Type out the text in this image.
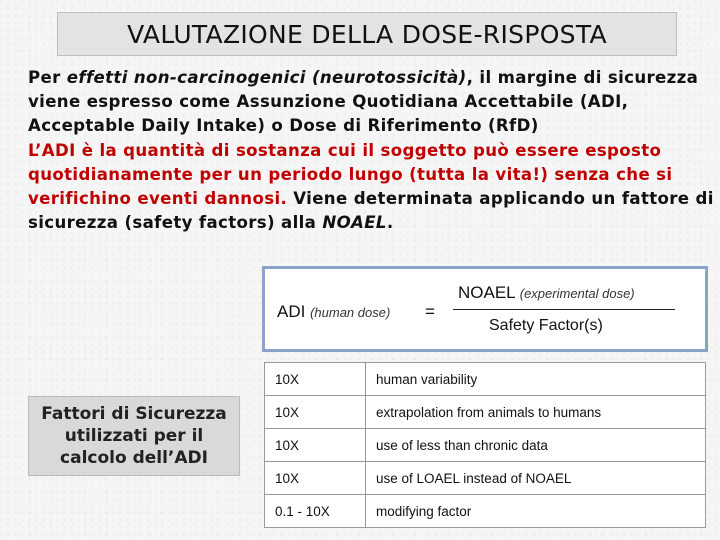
VALUTAZIONE DELLA DOSE-RISPOSTA
Per effetti non-carcinogenici (neurotossicità), il margine di sicurezza viene espresso come Assunzione Quotidiana Accettabile (ADI, Acceptable Daily Intake) o Dose di Riferimento (RfD)
L’ADI è la quantità di sostanza cui il soggetto può essere esposto quotidianamente per un periodo lungo (tutta la vita!) senza che si verifichino eventi dannosi. Viene determinata applicando un fattore di sicurezza (safety factors) alla NOAEL.
ADI (human dose) =
NOAEL (experimental dose)
Safety Factor(s)
Fattori di Sicurezza
utilizzati per il
calcolo dell’ADI
10X	human variability
10X	extrapolation from animals to humans
10X	use of less than chronic data
10X	use of LOAEL instead of NOAEL
0.1 - 10X	modifying factor
